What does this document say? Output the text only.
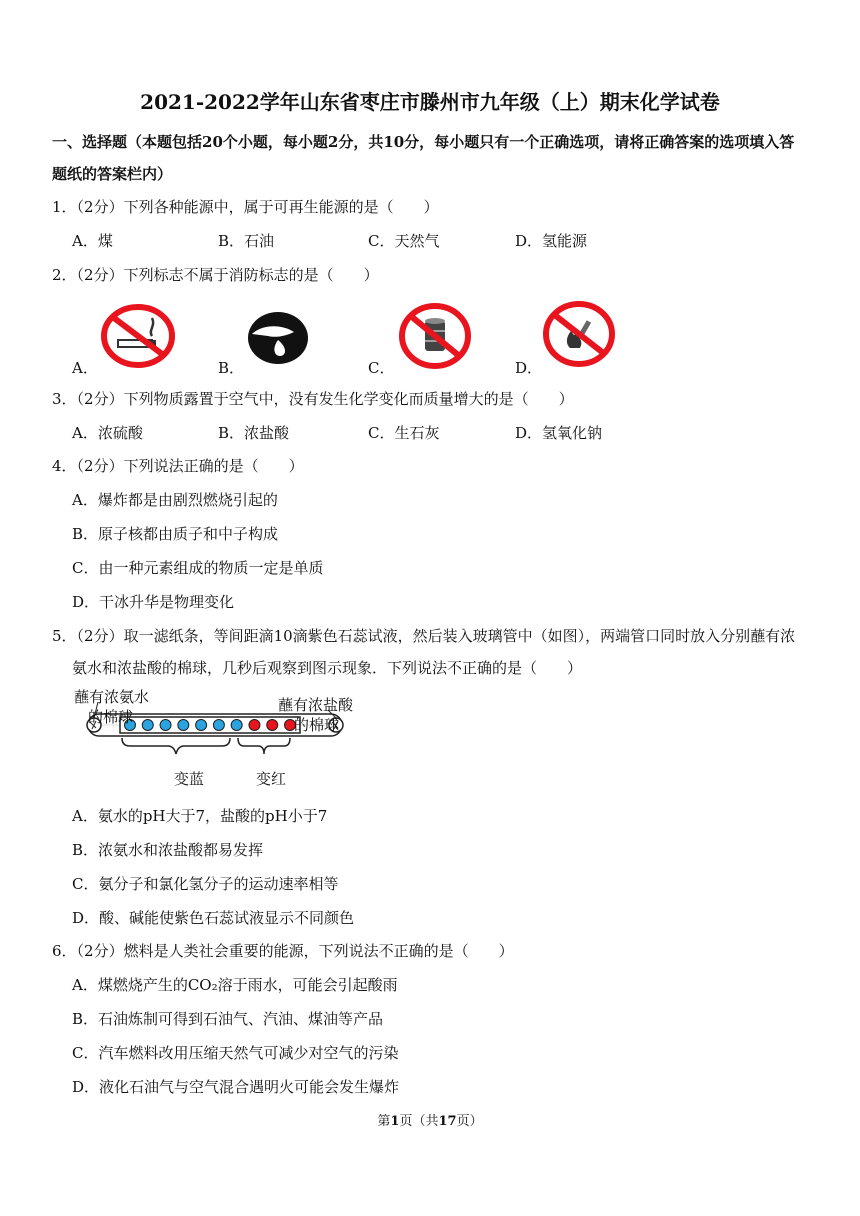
2021-2022学年山东省枣庄市滕州市九年级（上）期末化学试卷
一、选择题（本题包括20个小题，每小题2分，共10分，每小题只有一个正确选项，请将正确答案的选项填入答
题纸的答案栏内）
1．（2分）下列各种能源中，属于可再生能源的是（　　）
A．煤	B．石油	C．天然气	D．氢能源
2．（2分）下列标志不属于消防标志的是（　　）
A．	B．	C．	D．
3．（2分）下列物质露置于空气中，没有发生化学变化而质量增大的是（　　）
A．浓硫酸	B．浓盐酸	C．生石灰	D．氢氧化钠
4．（2分）下列说法正确的是（　　）
A．爆炸都是由剧烈燃烧引起的
B．原子核都由质子和中子构成
C．由一种元素组成的物质一定是单质
D．干冰升华是物理变化
5．（2分）取一滤纸条，等间距滴10滴紫色石蕊试液，然后装入玻璃管中（如图），两端管口同时放入分别蘸有浓
氨水和浓盐酸的棉球，几秒后观察到图示现象．下列说法不正确的是（　　）
蘸有浓氨水
的棉球
蘸有浓盐酸
的棉球
变蓝	变红
A．氨水的pH大于7，盐酸的pH小于7
B．浓氨水和浓盐酸都易发挥
C．氨分子和氯化氢分子的运动速率相等
D．酸、碱能使紫色石蕊试液显示不同颜色
6．（2分）燃料是人类社会重要的能源，下列说法不正确的是（　　）
A．煤燃烧产生的CO₂溶于雨水，可能会引起酸雨
B．石油炼制可得到石油气、汽油、煤油等产品
C．汽车燃料改用压缩天然气可减少对空气的污染
D．液化石油气与空气混合遇明火可能会发生爆炸
第1页（共17页）
